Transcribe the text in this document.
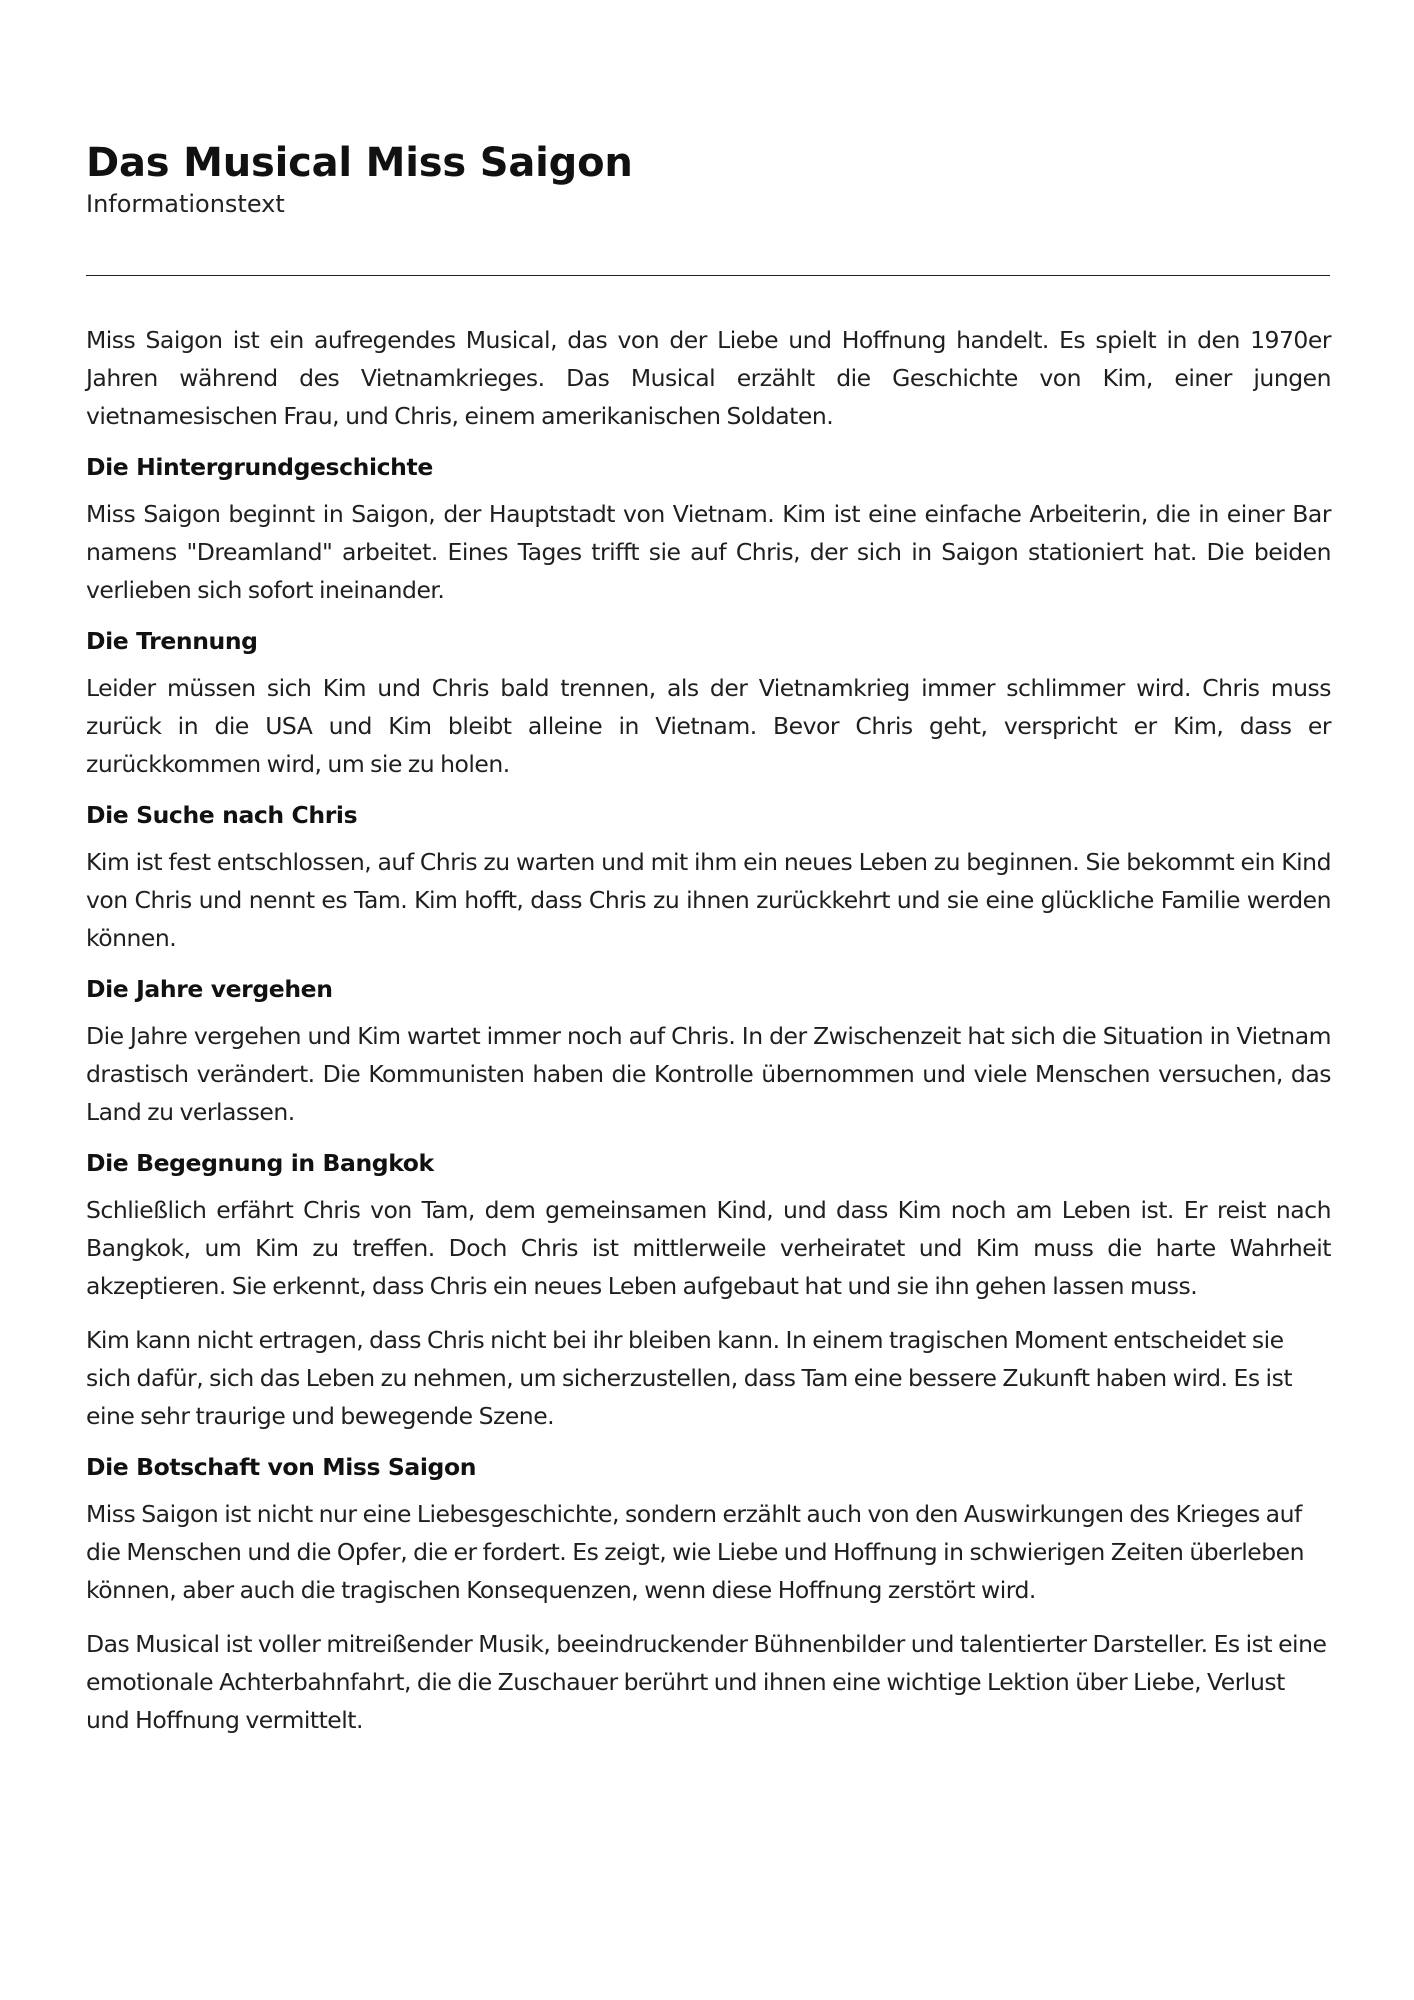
Das Musical Miss Saigon

Informationstext

Miss Saigon ist ein aufregendes Musical, das von der Liebe und Hoffnung handelt. Es spielt in den 1970er Jahren während des Vietnamkrieges. Das Musical erzählt die Geschichte von Kim, einer jungen vietnamesischen Frau, und Chris, einem amerikanischen Soldaten.

Die Hintergrundgeschichte

Miss Saigon beginnt in Saigon, der Hauptstadt von Vietnam. Kim ist eine einfache Arbeiterin, die in einer Bar namens "Dreamland" arbeitet. Eines Tages trifft sie auf Chris, der sich in Saigon stationiert hat. Die beiden verlieben sich sofort ineinander.

Die Trennung

Leider müssen sich Kim und Chris bald trennen, als der Vietnamkrieg immer schlimmer wird. Chris muss zurück in die USA und Kim bleibt alleine in Vietnam. Bevor Chris geht, verspricht er Kim, dass er zurückkommen wird, um sie zu holen.

Die Suche nach Chris

Kim ist fest entschlossen, auf Chris zu warten und mit ihm ein neues Leben zu beginnen. Sie bekommt ein Kind von Chris und nennt es Tam. Kim hofft, dass Chris zu ihnen zurückkehrt und sie eine glückliche Familie werden können.

Die Jahre vergehen

Die Jahre vergehen und Kim wartet immer noch auf Chris. In der Zwischenzeit hat sich die Situation in Vietnam drastisch verändert. Die Kommunisten haben die Kontrolle übernommen und viele Menschen versuchen, das Land zu verlassen.

Die Begegnung in Bangkok

Schließlich erfährt Chris von Tam, dem gemeinsamen Kind, und dass Kim noch am Leben ist. Er reist nach Bangkok, um Kim zu treffen. Doch Chris ist mittlerweile verheiratet und Kim muss die harte Wahrheit akzeptieren. Sie erkennt, dass Chris ein neues Leben aufgebaut hat und sie ihn gehen lassen muss.

Kim kann nicht ertragen, dass Chris nicht bei ihr bleiben kann. In einem tragischen Moment entscheidet sie sich dafür, sich das Leben zu nehmen, um sicherzustellen, dass Tam eine bessere Zukunft haben wird. Es ist eine sehr traurige und bewegende Szene.

Die Botschaft von Miss Saigon

Miss Saigon ist nicht nur eine Liebesgeschichte, sondern erzählt auch von den Auswirkungen des Krieges auf die Menschen und die Opfer, die er fordert. Es zeigt, wie Liebe und Hoffnung in schwierigen Zeiten überleben können, aber auch die tragischen Konsequenzen, wenn diese Hoffnung zerstört wird.

Das Musical ist voller mitreißender Musik, beeindruckender Bühnenbilder und talentierter Darsteller. Es ist eine emotionale Achterbahnfahrt, die die Zuschauer berührt und ihnen eine wichtige Lektion über Liebe, Verlust und Hoffnung vermittelt.
